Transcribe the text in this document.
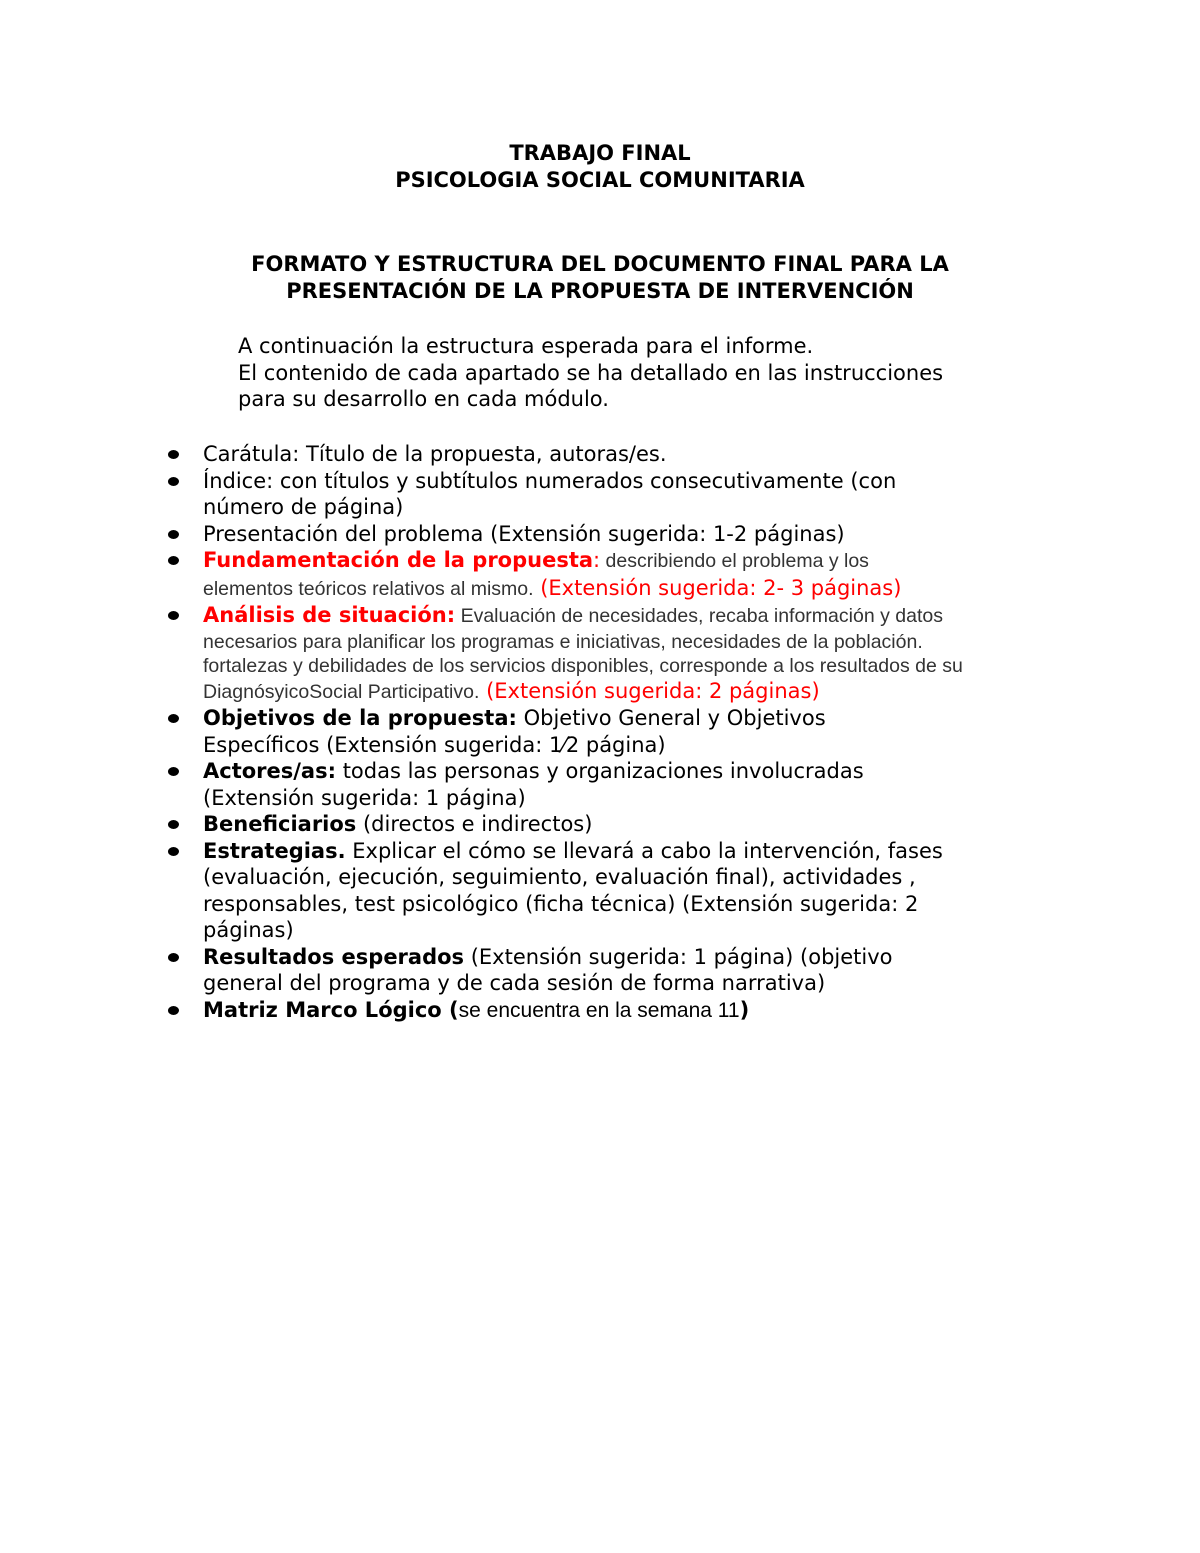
TRABAJO FINAL
PSICOLOGIA SOCIAL COMUNITARIA
FORMATO Y ESTRUCTURA DEL DOCUMENTO FINAL PARA LA
PRESENTACIÓN DE LA PROPUESTA DE INTERVENCIÓN
A continuación la estructura esperada para el informe.
El contenido de cada apartado se ha detallado en las instrucciones
para su desarrollo en cada módulo.
Carátula: Título de la propuesta, autoras/es.
Índice: con títulos y subtítulos numerados consecutivamente (con
número de página)
Presentación del problema (Extensión sugerida: 1-2 páginas)
Fundamentación de la propuesta: describiendo el problema y los
elementos teóricos relativos al mismo. (Extensión sugerida: 2- 3 páginas)
Análisis de situación: Evaluación de necesidades, recaba información y datos
necesarios para planificar los programas e iniciativas, necesidades de la población.
fortalezas y debilidades de los servicios disponibles, corresponde a los resultados de su
DiagnósyicoSocial Participativo. (Extensión sugerida: 2 páginas)
Objetivos de la propuesta: Objetivo General y Objetivos
Específicos (Extensión sugerida: 1⁄2 página)
Actores/as: todas las personas y organizaciones involucradas
(Extensión sugerida: 1 página)
Beneficiarios (directos e indirectos)
Estrategias. Explicar el cómo se llevará a cabo la intervención, fases
(evaluación, ejecución, seguimiento, evaluación final), actividades ,
responsables, test psicológico (ficha técnica) (Extensión sugerida: 2
páginas)
Resultados esperados (Extensión sugerida: 1 página) (objetivo
general del programa y de cada sesión de forma narrativa)
Matriz Marco Lógico (se encuentra en la semana 11)
